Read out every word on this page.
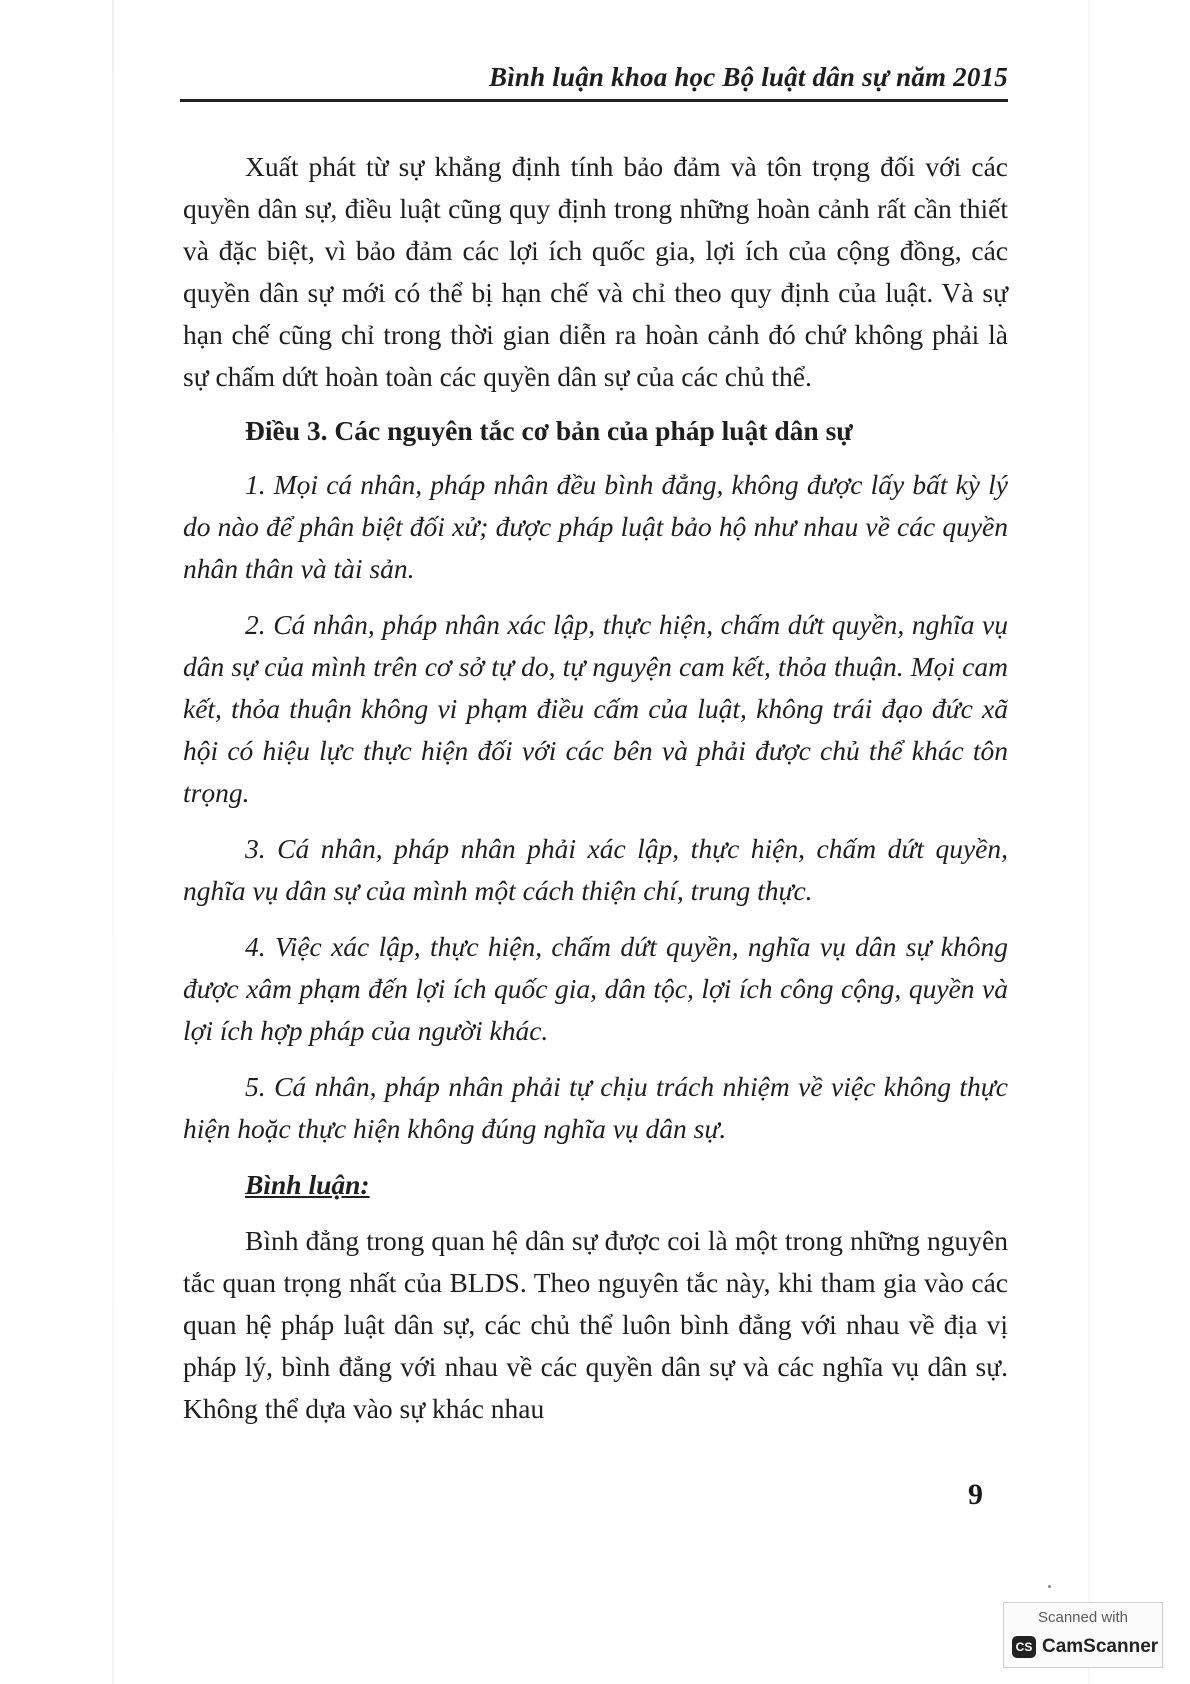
Bình luận khoa học Bộ luật dân sự năm 2015

Xuất phát từ sự khẳng định tính bảo đảm và tôn trọng đối với các quyền dân sự, điều luật cũng quy định trong những hoàn cảnh rất cần thiết và đặc biệt, vì bảo đảm các lợi ích quốc gia, lợi ích của cộng đồng, các quyền dân sự mới có thể bị hạn chế và chỉ theo quy định của luật. Và sự hạn chế cũng chỉ trong thời gian diễn ra hoàn cảnh đó chứ không phải là sự chấm dứt hoàn toàn các quyền dân sự của các chủ thể.

Điều 3. Các nguyên tắc cơ bản của pháp luật dân sự

1. Mọi cá nhân, pháp nhân đều bình đẳng, không được lấy bất kỳ lý do nào để phân biệt đối xử; được pháp luật bảo hộ như nhau về các quyền nhân thân và tài sản.

2. Cá nhân, pháp nhân xác lập, thực hiện, chấm dứt quyền, nghĩa vụ dân sự của mình trên cơ sở tự do, tự nguyện cam kết, thỏa thuận. Mọi cam kết, thỏa thuận không vi phạm điều cấm của luật, không trái đạo đức xã hội có hiệu lực thực hiện đối với các bên và phải được chủ thể khác tôn trọng.

3. Cá nhân, pháp nhân phải xác lập, thực hiện, chấm dứt quyền, nghĩa vụ dân sự của mình một cách thiện chí, trung thực.

4. Việc xác lập, thực hiện, chấm dứt quyền, nghĩa vụ dân sự không được xâm phạm đến lợi ích quốc gia, dân tộc, lợi ích công cộng, quyền và lợi ích hợp pháp của người khác.

5. Cá nhân, pháp nhân phải tự chịu trách nhiệm về việc không thực hiện hoặc thực hiện không đúng nghĩa vụ dân sự.

Bình luận:

Bình đẳng trong quan hệ dân sự được coi là một trong những nguyên tắc quan trọng nhất của BLDS. Theo nguyên tắc này, khi tham gia vào các quan hệ pháp luật dân sự, các chủ thể luôn bình đẳng với nhau về địa vị pháp lý, bình đẳng với nhau về các quyền dân sự và các nghĩa vụ dân sự. Không thể dựa vào sự khác nhau

9
Scanned with
CS CamScanner
